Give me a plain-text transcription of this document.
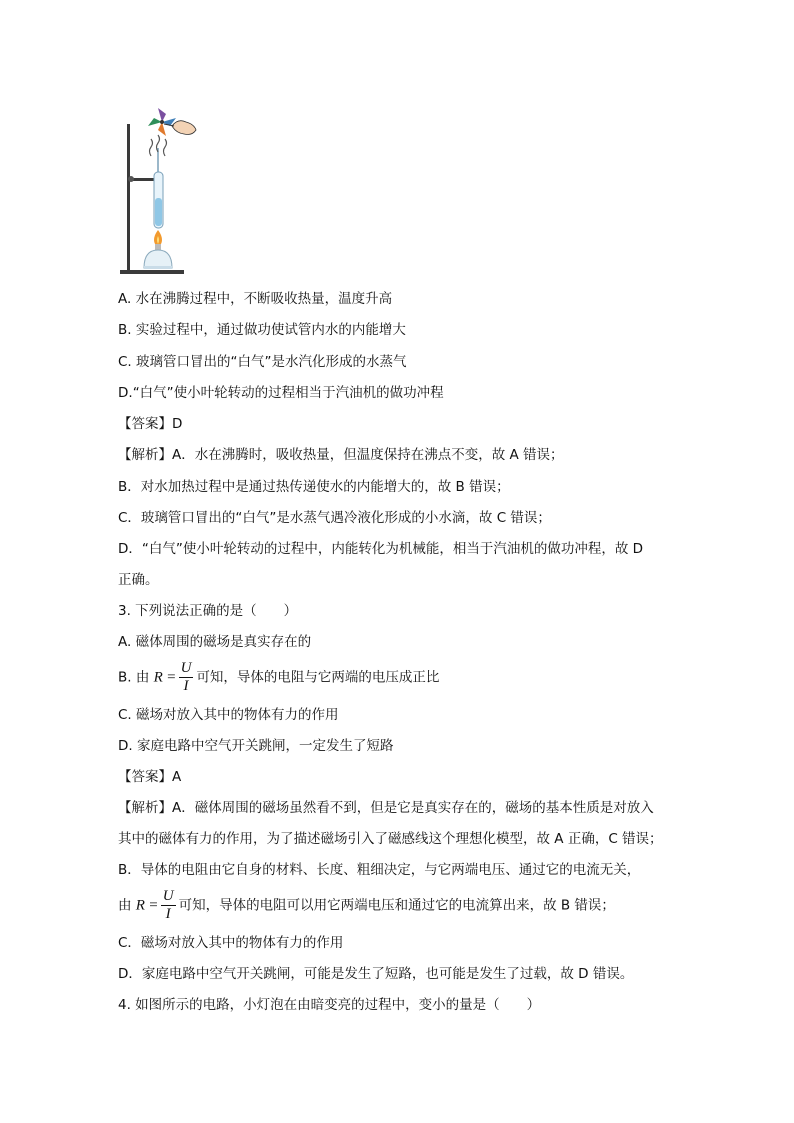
A. 水在沸腾过程中，不断吸收热量，温度升高
B. 实验过程中，通过做功使试管内水的内能增大
C. 玻璃管口冒出的“白气”是水汽化形成的水蒸气
D.“白气”使小叶轮转动的过程相当于汽油机的做功冲程
【答案】D
【解析】A．水在沸腾时，吸收热量，但温度保持在沸点不变，故 A 错误；
B．对水加热过程中是通过热传递使水的内能增大的，故 B 错误；
C．玻璃管口冒出的“白气”是水蒸气遇冷液化形成的小水滴，故 C 错误；
D．“白气”使小叶轮转动的过程中，内能转化为机械能，相当于汽油机的做功冲程，故 D
正确。
3. 下列说法正确的是（　　）
A. 磁体周围的磁场是真实存在的
B. 由 $R = \frac{U}{I}$ 可知，导体的电阻与它两端的电压成正比
C. 磁场对放入其中的物体有力的作用
D. 家庭电路中空气开关跳闸，一定发生了短路
【答案】A
【解析】A．磁体周围的磁场虽然看不到，但是它是真实存在的，磁场的基本性质是对放入
其中的磁体有力的作用，为了描述磁场引入了磁感线这个理想化模型，故 A 正确，C 错误；
B．导体的电阻由它自身的材料、长度、粗细决定，与它两端电压、通过它的电流无关，
由 $R = \frac{U}{I}$ 可知，导体的电阻可以用它两端电压和通过它的电流算出来，故 B 错误；
C．磁场对放入其中的物体有力的作用
D．家庭电路中空气开关跳闸，可能是发生了短路，也可能是发生了过载，故 D 错误。
4. 如图所示的电路，小灯泡在由暗变亮的过程中，变小的量是（　　）
